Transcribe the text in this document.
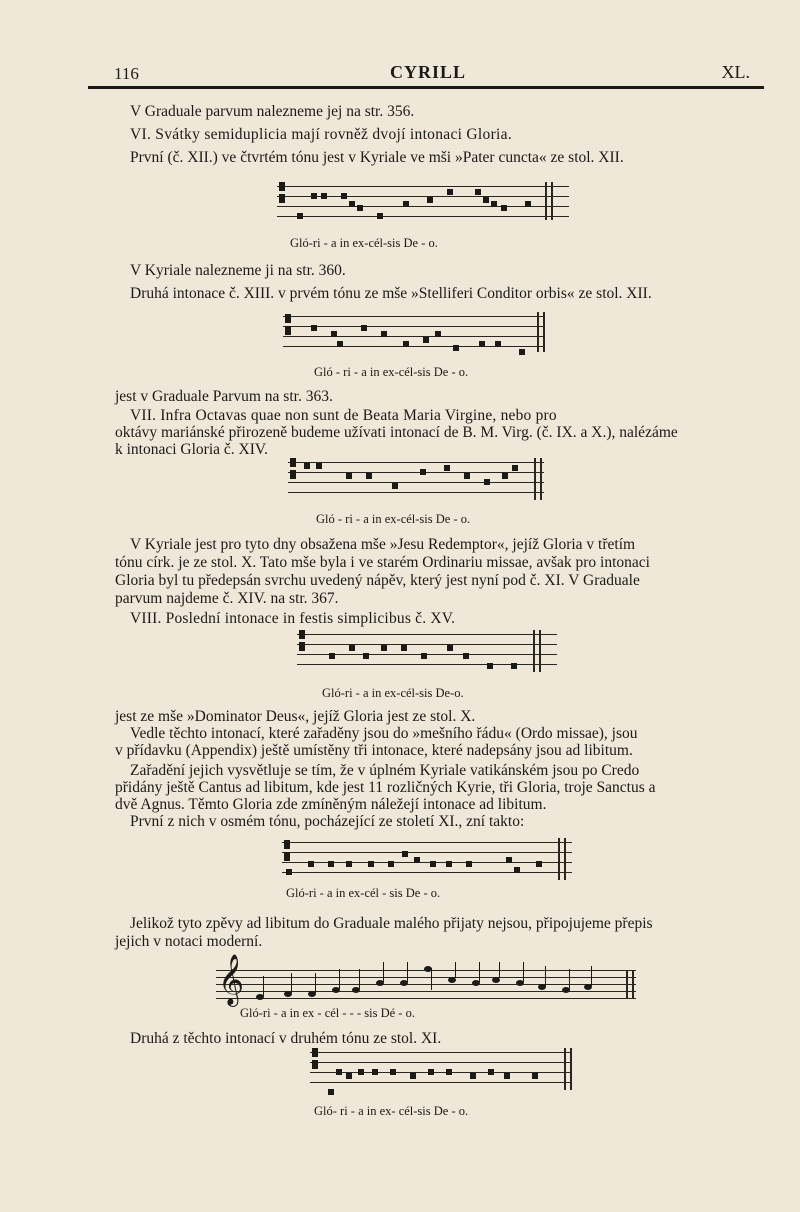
116	CYRILL	XL.
V Graduale parvum nalezneme jej na str. 356.
VI. Svátky semiduplicia mají rovněž dvojí intonaci Gloria.
První (č. XII.) ve čtvrtém tónu jest v Kyriale ve mši »Pater cuncta« ze stol. XII.
Gló-ri - a in ex-cél-sis De - o.
V Kyriale nalezneme ji na str. 360.
Druhá intonace č. XIII. v prvém tónu ze mše »Stelliferi Conditor orbis« ze stol. XII.
Gló - ri - a in ex-cél-sis De - o.
jest v Graduale Parvum na str. 363.
VII. Infra Octavas quae non sunt de Beata Maria Virgine, nebo pro
oktávy mariánské přirozeně budeme užívati intonací de B. M. Virg. (č. IX. a X.), nalézáme
k intonaci Gloria č. XIV.
Gló - ri - a in ex-cél-sis De - o.
V Kyriale jest pro tyto dny obsažena mše »Jesu Redemptor«, jejíž Gloria v třetím
tónu círk. je ze stol. X. Tato mše byla i ve starém Ordinariu missae, avšak pro intonaci
Gloria byl tu předepsán svrchu uvedený nápěv, který jest nyní pod č. XI. V Graduale
parvum najdeme č. XIV. na str. 367.
VIII. Poslední intonace in festis simplicibus č. XV.
Gló-ri - a in ex-cél-sis De-o.
jest ze mše »Dominator Deus«, jejíž Gloria jest ze stol. X.
Vedle těchto intonací, které zařaděny jsou do »mešního řádu« (Ordo missae), jsou
v přídavku (Appendix) ještě umístěny tři intonace, které nadepsány jsou ad libitum.
Zařadění jejich vysvětluje se tím, že v úplném Kyriale vatikánském jsou po Credo
přidány ještě Cantus ad libitum, kde jest 11 rozličných Kyrie, tři Gloria, troje Sanctus a
dvě Agnus. Těmto Gloria zde zmíněným náležejí intonace ad libitum.
První z nich v osmém tónu, pocházející ze století XI., zní takto:
Gló-ri - a in ex-cél - sis De - o.
Jelikož tyto zpěvy ad libitum do Graduale malého přijaty nejsou, připojujeme přepis
jejich v notaci moderní.
𝄞
Gló-ri - a in ex - cél - - - sis Dé - o.
Druhá z těchto intonací v druhém tónu ze stol. XI.
Gló- ri - a in ex- cél-sis De - o.
